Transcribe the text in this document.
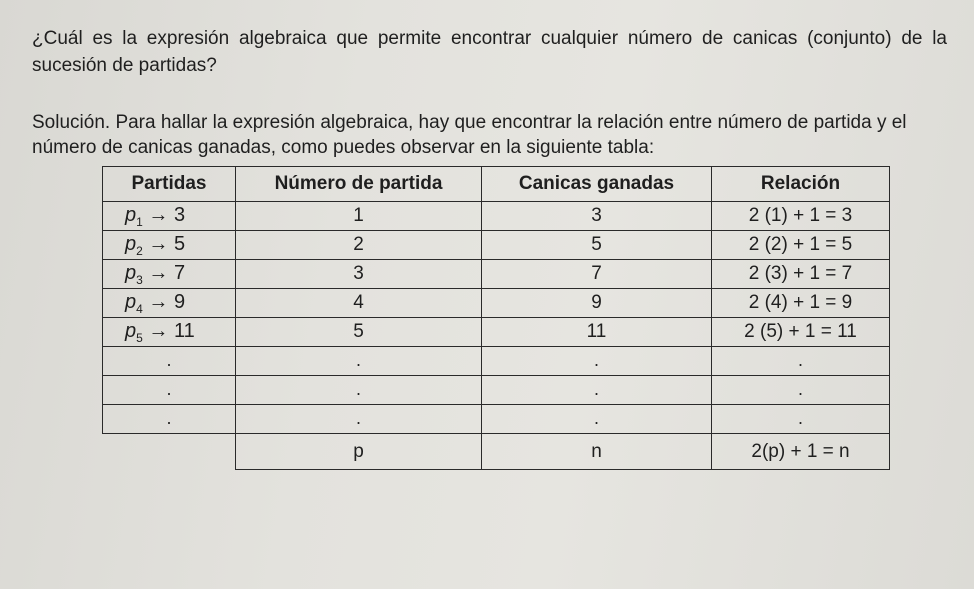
¿Cuál es la expresión algebraica que permite encontrar cualquier número de canicas (conjunto) de la sucesión de partidas?

Solución. Para hallar la expresión algebraica, hay que encontrar la relación entre número de partida y el número de canicas ganadas, como puedes observar en la siguiente tabla:

Partidas	Número de partida	Canicas ganadas	Relación
$p_1 \to 3$	1	3	2 (1) + 1 = 3
$p_2 \to 5$	2	5	2 (2) + 1 = 5
$p_3 \to 7$	3	7	2 (3) + 1 = 7
$p_4 \to 9$	4	9	2 (4) + 1 = 9
$p_5 \to 11$	5	11	2 (5) + 1 = 11
.	.	.	.
.	.	.	.
.	.	.	.
	p	n	2(p) + 1 = n
